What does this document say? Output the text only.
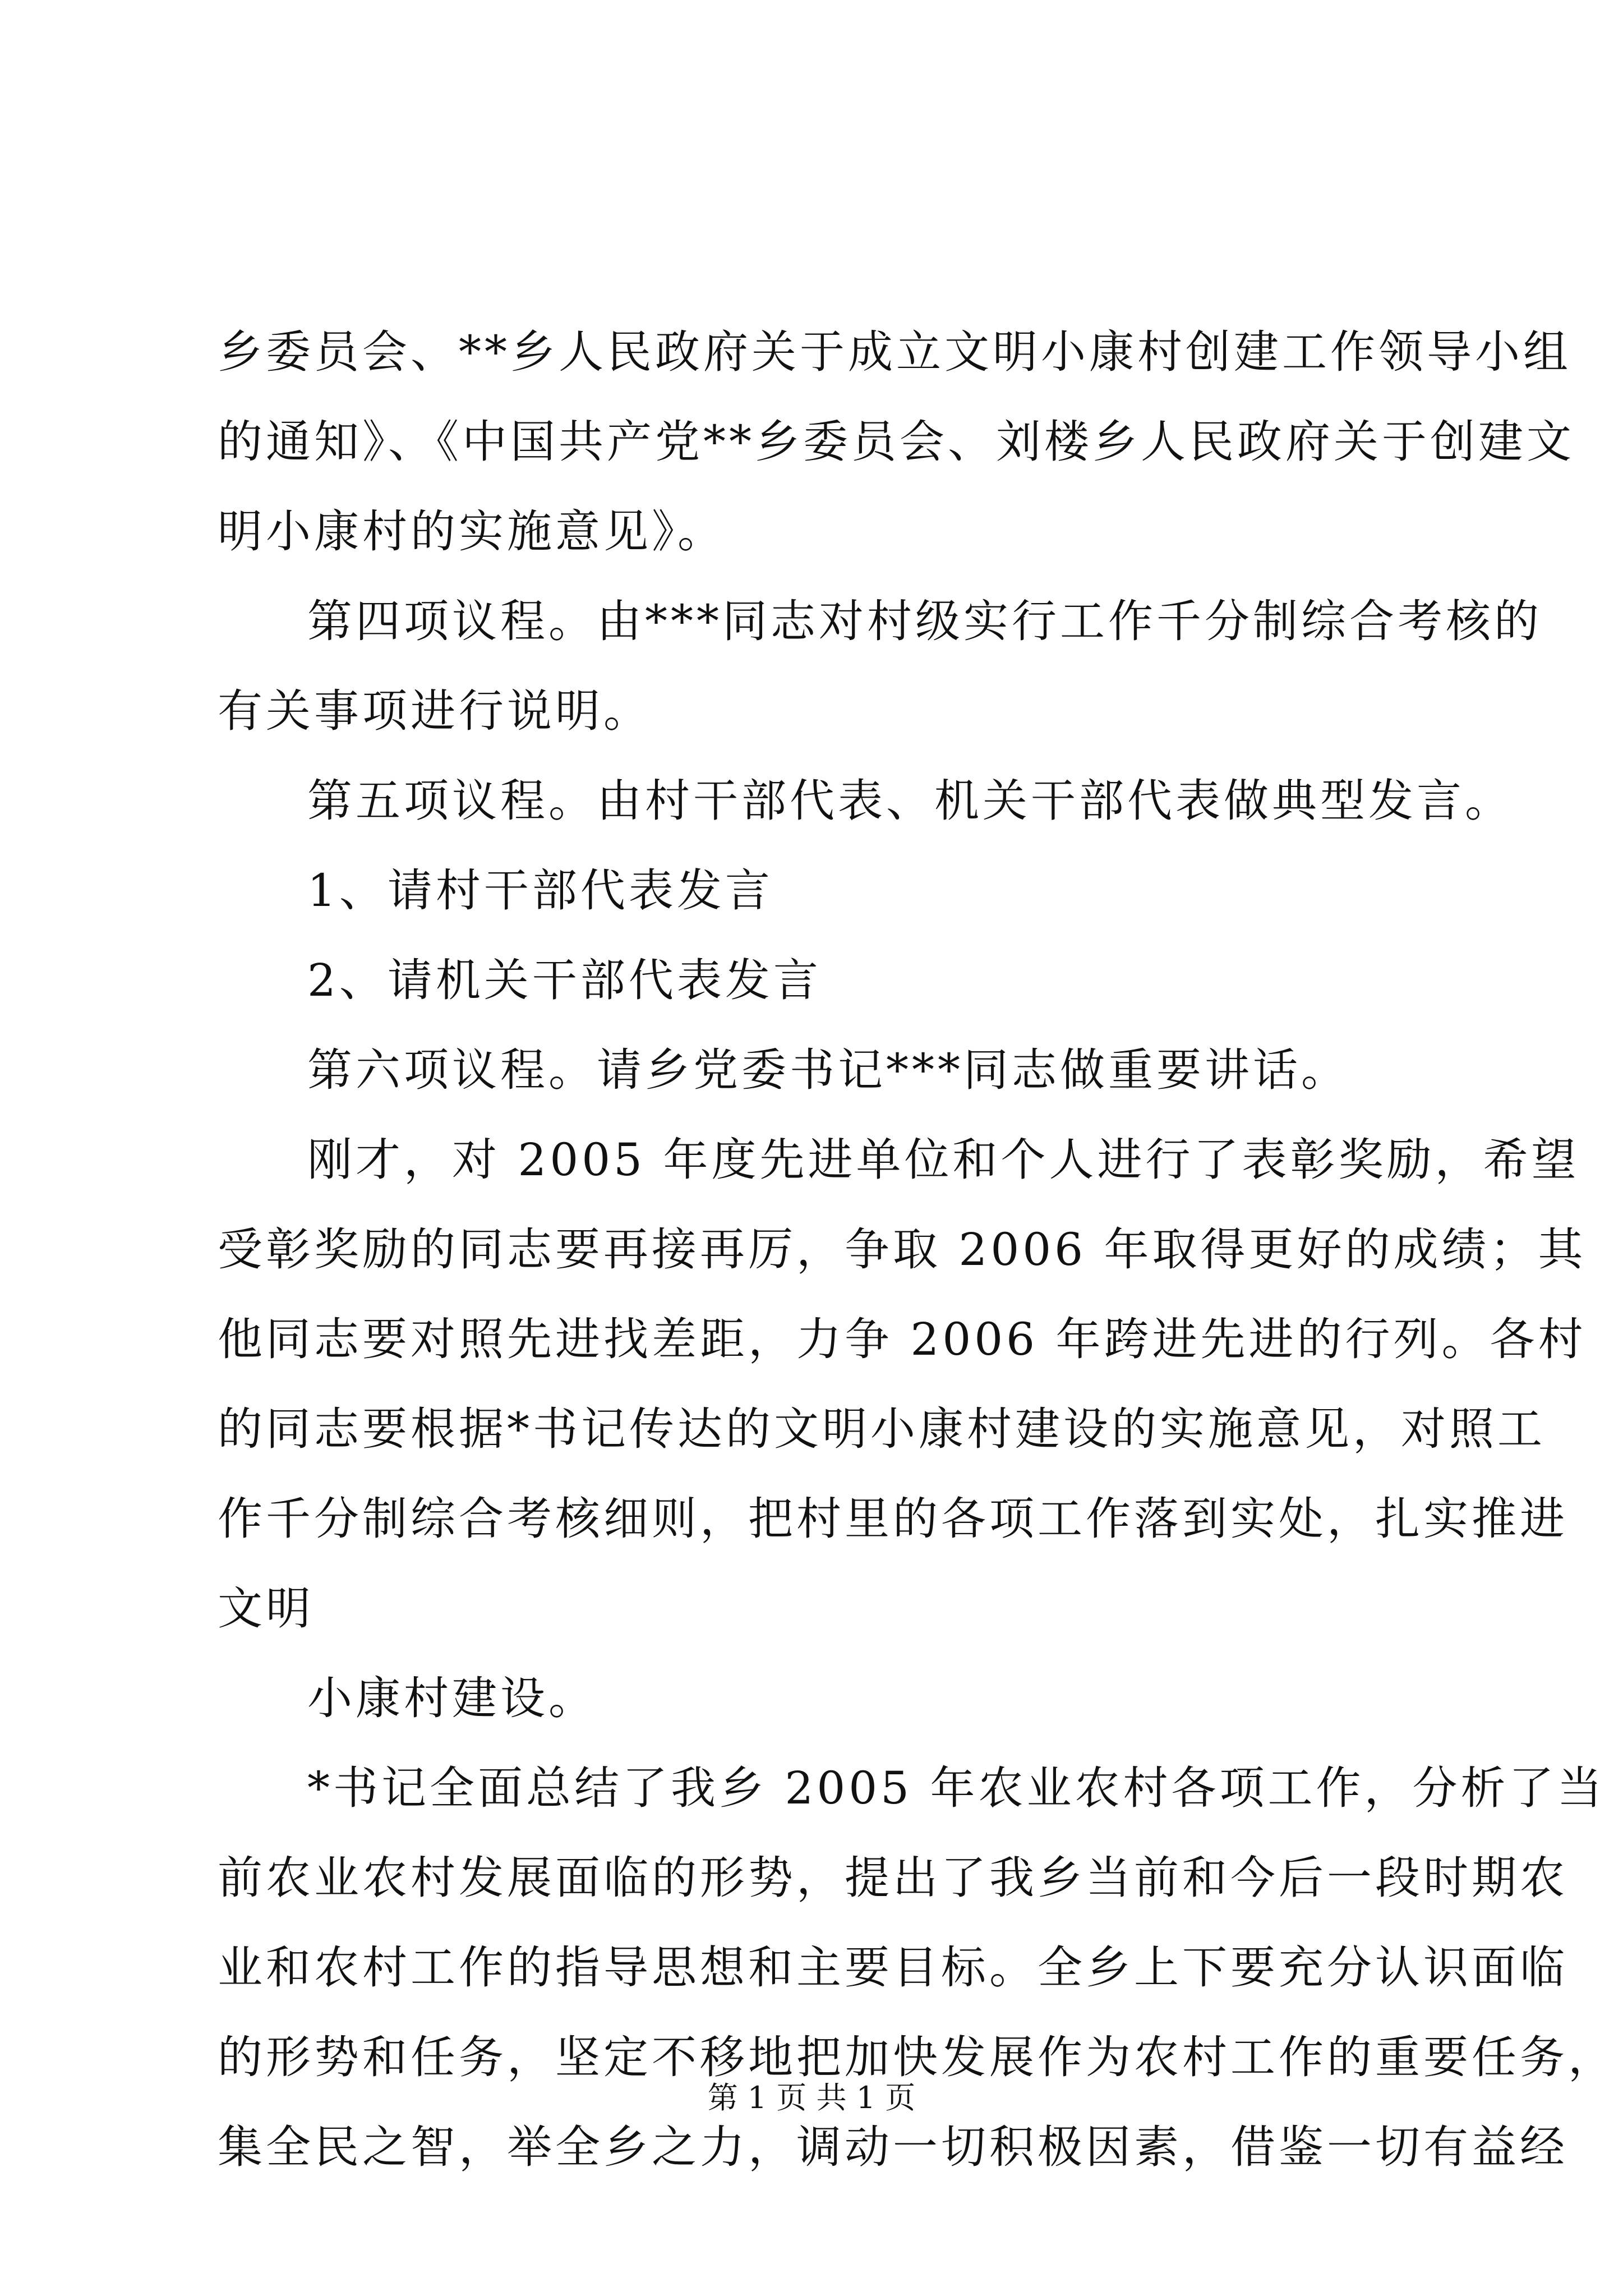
乡委员会、**乡人民政府关于成立文明小康村创建工作领导小组
的通知》、《中国共产党**乡委员会、刘楼乡人民政府关于创建文
明小康村的实施意见》。
第四项议程。由***同志对村级实行工作千分制综合考核的
有关事项进行说明。
第五项议程。由村干部代表、机关干部代表做典型发言。
1、请村干部代表发言
2、请机关干部代表发言
第六项议程。请乡党委书记***同志做重要讲话。
刚才，对 2005 年度先进单位和个人进行了表彰奖励，希望
受彰奖励的同志要再接再厉，争取 2006 年取得更好的成绩；其
他同志要对照先进找差距，力争 2006 年跨进先进的行列。各村
的同志要根据*书记传达的文明小康村建设的实施意见，对照工
作千分制综合考核细则，把村里的各项工作落到实处，扎实推进
文明
小康村建设。
*书记全面总结了我乡 2005 年农业农村各项工作，分析了当
前农业农村发展面临的形势，提出了我乡当前和今后一段时期农
业和农村工作的指导思想和主要目标。全乡上下要充分认识面临
的形势和任务，坚定不移地把加快发展作为农村工作的重要任务，
集全民之智，举全乡之力，调动一切积极因素，借鉴一切有益经
第 1 页 共 1 页
